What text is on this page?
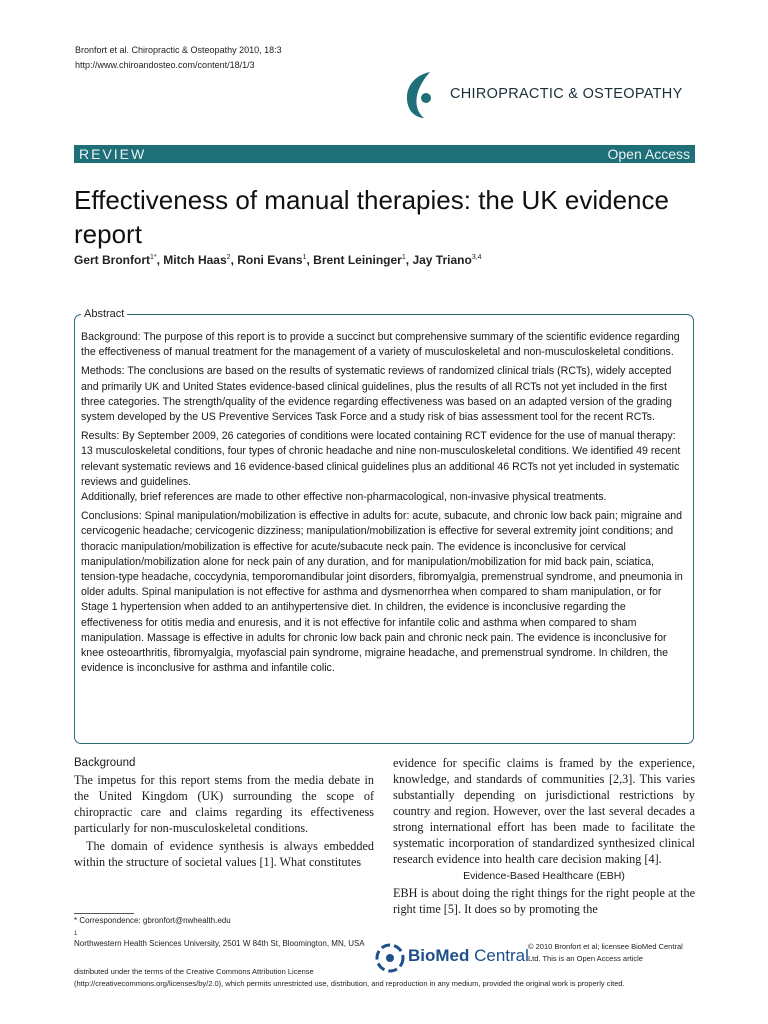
Bronfort et al. Chiropractic & Osteopathy 2010, 18:3
http://www.chiroandosteo.com/content/18/1/3
CHIROPRACTIC & OSTEOPATHY
REVIEW	Open Access
Effectiveness of manual therapies: the UK evidence report
Gert Bronfort$^{1*}$, Mitch Haas$^2$, Roni Evans$^1$, Brent Leininger$^1$, Jay Triano$^{3,4}$
Abstract

Background: The purpose of this report is to provide a succinct but comprehensive summary of the scientific evidence regarding the effectiveness of manual treatment for the management of a variety of musculoskeletal and non-musculoskeletal conditions.

Methods: The conclusions are based on the results of systematic reviews of randomized clinical trials (RCTs), widely accepted and primarily UK and United States evidence-based clinical guidelines, plus the results of all RCTs not yet included in the first three categories. The strength/quality of the evidence regarding effectiveness was based on an adapted version of the grading system developed by the US Preventive Services Task Force and a study risk of bias assessment tool for the recent RCTs.

Results: By September 2009, 26 categories of conditions were located containing RCT evidence for the use of manual therapy: 13 musculoskeletal conditions, four types of chronic headache and nine non-musculoskeletal conditions. We identified 49 recent relevant systematic reviews and 16 evidence-based clinical guidelines plus an additional 46 RCTs not yet included in systematic reviews and guidelines.

Additionally, brief references are made to other effective non-pharmacological, non-invasive physical treatments.

Conclusions: Spinal manipulation/mobilization is effective in adults for: acute, subacute, and chronic low back pain; migraine and cervicogenic headache; cervicogenic dizziness; manipulation/mobilization is effective for several extremity joint conditions; and thoracic manipulation/mobilization is effective for acute/subacute neck pain. The evidence is inconclusive for cervical manipulation/mobilization alone for neck pain of any duration, and for manipulation/mobilization for mid back pain, sciatica, tension-type headache, coccydynia, temporomandibular joint disorders, fibromyalgia, premenstrual syndrome, and pneumonia in older adults. Spinal manipulation is not effective for asthma and dysmenorrhea when compared to sham manipulation, or for Stage 1 hypertension when added to an antihypertensive diet. In children, the evidence is inconclusive regarding the effectiveness for otitis media and enuresis, and it is not effective for infantile colic and asthma when compared to sham manipulation. Massage is effective in adults for chronic low back pain and chronic neck pain. The evidence is inconclusive for knee osteoarthritis, fibromyalgia, myofascial pain syndrome, migraine headache, and premenstrual syndrome. In children, the evidence is inconclusive for asthma and infantile colic.

Background

The impetus for this report stems from the media debate in the United Kingdom (UK) surrounding the scope of chiropractic care and claims regarding its effectiveness particularly for non-musculoskeletal conditions.

The domain of evidence synthesis is always embedded within the structure of societal values [1]. What constitutes

evidence for specific claims is framed by the experience, knowledge, and standards of communities [2,3]. This varies substantially depending on jurisdictional restrictions by country and region. However, over the last several decades a strong international effort has been made to facilitate the systematic incorporation of standardized synthesized clinical research evidence into health care decision making [4].

Evidence-Based Healthcare (EBH)

EBH is about doing the right things for the right people at the right time [5]. It does so by promoting the

* Correspondence: gbronfort@nwhealth.edu
1
Northwestern Health Sciences University, 2501 W 84th St, Bloomington, MN, USA
distributed under the terms of the Creative Commons Attribution License
(http://creativecommons.org/licenses/by/2.0), which permits unrestricted use, distribution, and reproduction in any medium, provided the original work is properly cited.
BioMed Central © 2010 Bronfort et al; licensee BioMed Central Ltd. This is an Open Access article
